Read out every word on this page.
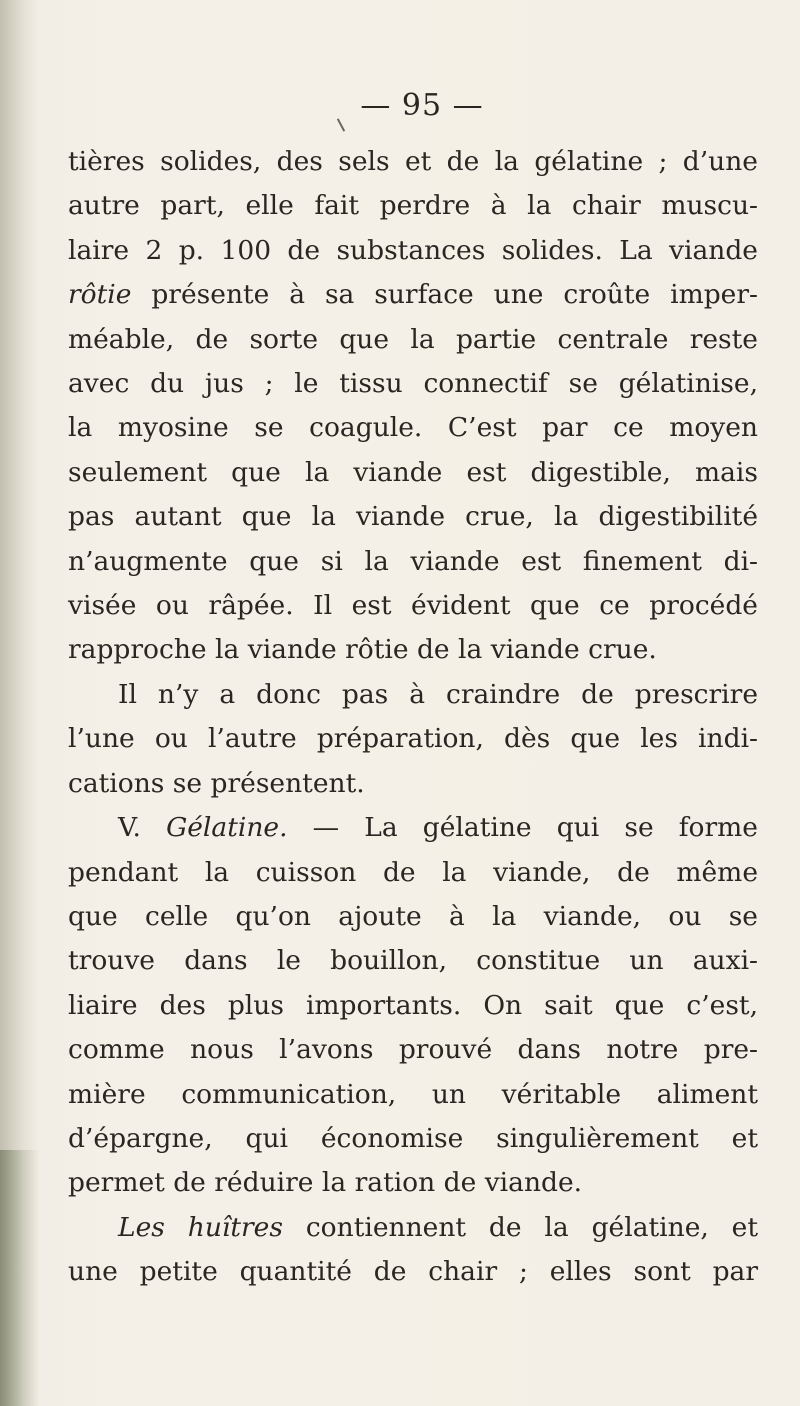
— 95 —
tières solides, des sels et de la gélatine ; d’une
autre part, elle fait perdre à la chair muscu-
laire 2 p. 100 de substances solides. La viande
rôtie présente à sa surface une croûte imper-
méable, de sorte que la partie centrale reste
avec du jus ; le tissu connectif se gélatinise,
la myosine se coagule. C’est par ce moyen
seulement que la viande est digestible, mais
pas autant que la viande crue, la digestibilité
n’augmente que si la viande est finement di-
visée ou râpée. Il est évident que ce procédé
rapproche la viande rôtie de la viande crue.
Il n’y a donc pas à craindre de prescrire
l’une ou l’autre préparation, dès que les indi-
cations se présentent.
V. Gélatine. — La gélatine qui se forme
pendant la cuisson de la viande, de même
que celle qu’on ajoute à la viande, ou se
trouve dans le bouillon, constitue un auxi-
liaire des plus importants. On sait que c’est,
comme nous l’avons prouvé dans notre pre-
mière communication, un véritable aliment
d’épargne, qui économise singulièrement et
permet de réduire la ration de viande.
Les huîtres contiennent de la gélatine, et
une petite quantité de chair ; elles sont par
